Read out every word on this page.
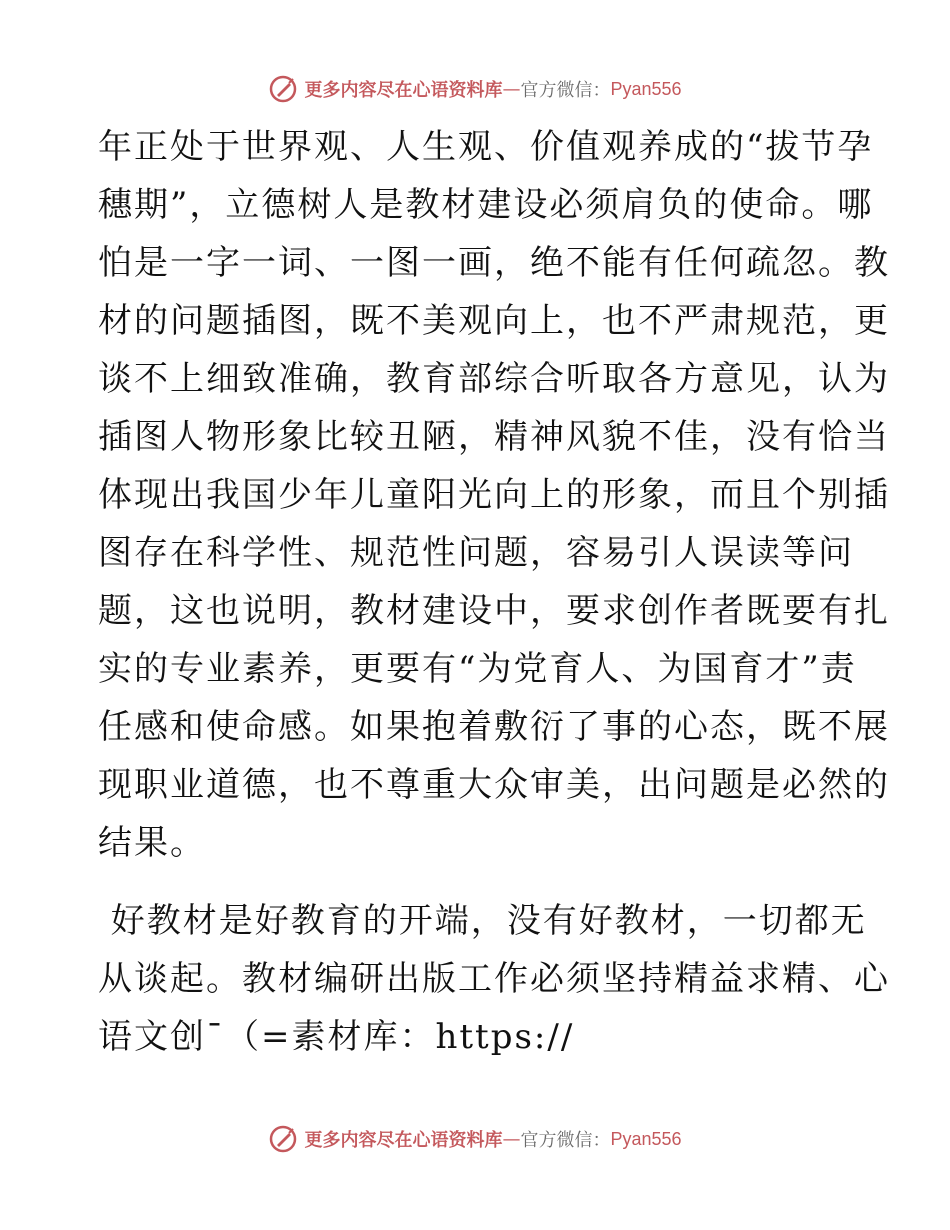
更多内容尽在心语资料库 — 官方微信： Pyan556
年正处于世界观、人生观、价值观养成的“拔节孕
穗期”，立德树人是教材建设必须肩负的使命。哪
怕是一字一词、一图一画，绝不能有任何疏忽。教
材的问题插图，既不美观向上，也不严肃规范，更
谈不上细致准确，教育部综合听取各方意见，认为
插图人物形象比较丑陋，精神风貌不佳，没有恰当
体现出我国少年儿童阳光向上的形象，而且个别插
图存在科学性、规范性问题，容易引人误读等问
题，这也说明，教材建设中，要求创作者既要有扎
实的专业素养，更要有“为党育人、为国育才”责
任感和使命感。如果抱着敷衍了事的心态，既不展
现职业道德，也不尊重大众审美，出问题是必然的
结果。
好教材是好教育的开端，没有好教材，一切都无
从谈起。教材编研出版工作必须坚持精益求精、心
语文创¯（=素材库：https://
更多内容尽在心语资料库 — 官方微信： Pyan556
